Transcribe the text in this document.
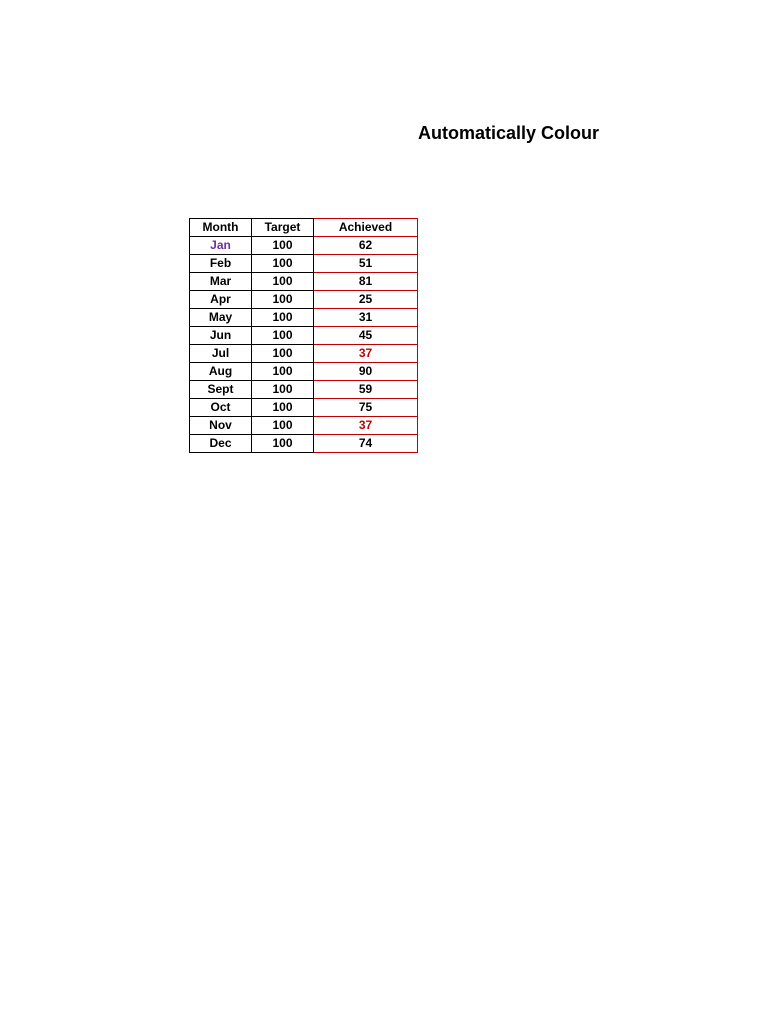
Automatically Colour
Month	Target	Achieved
Jan	100	62
Feb	100	51
Mar	100	81
Apr	100	25
May	100	31
Jun	100	45
Jul	100	37
Aug	100	90
Sept	100	59
Oct	100	75
Nov	100	37
Dec	100	74
